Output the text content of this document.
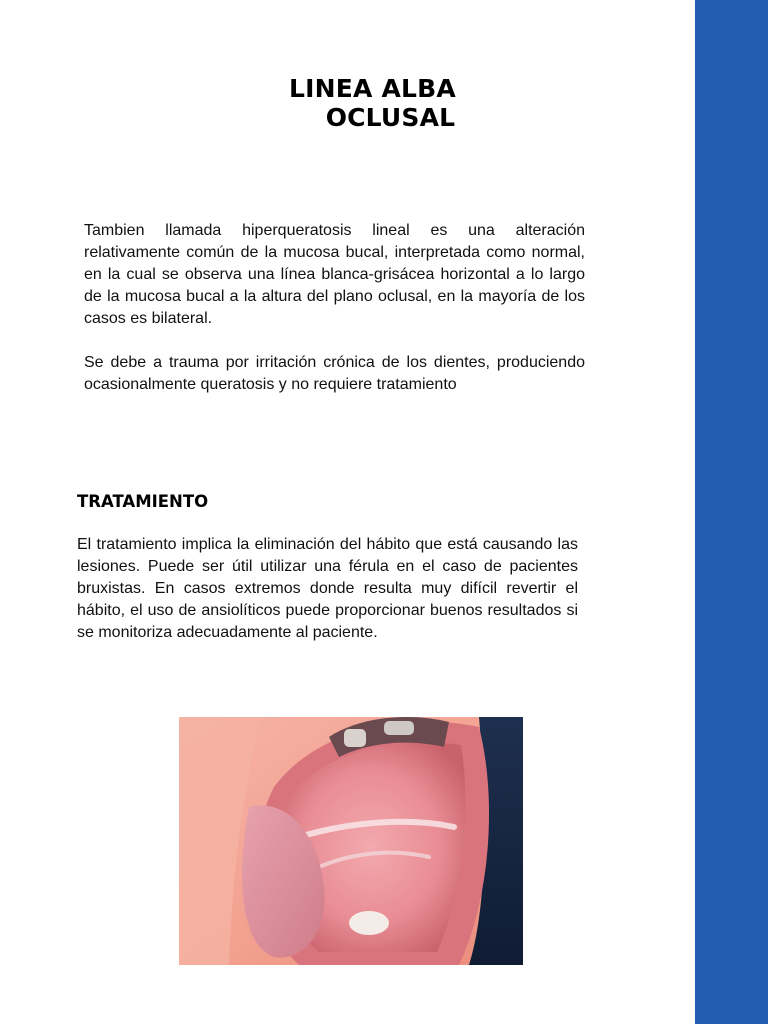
LINEA ALBA
OCLUSAL

Tambien llamada hiperqueratosis lineal es una alteración relativamente común de la mucosa bucal, interpretada como normal, en la cual se observa una línea blanca-grisácea horizontal a lo largo de la mucosa bucal a la altura del plano oclusal, en la mayoría de los casos es bilateral.

Se debe a trauma por irritación crónica de los dientes, produciendo ocasionalmente queratosis y no requiere tratamiento

TRATAMIENTO

El tratamiento implica la eliminación del hábito que está causando las lesiones. Puede ser útil utilizar una férula en el caso de pacientes bruxistas. En casos extremos donde resulta muy difícil revertir el hábito, el uso de ansiolíticos puede proporcionar buenos resultados si se monitoriza adecuadamente al paciente.
